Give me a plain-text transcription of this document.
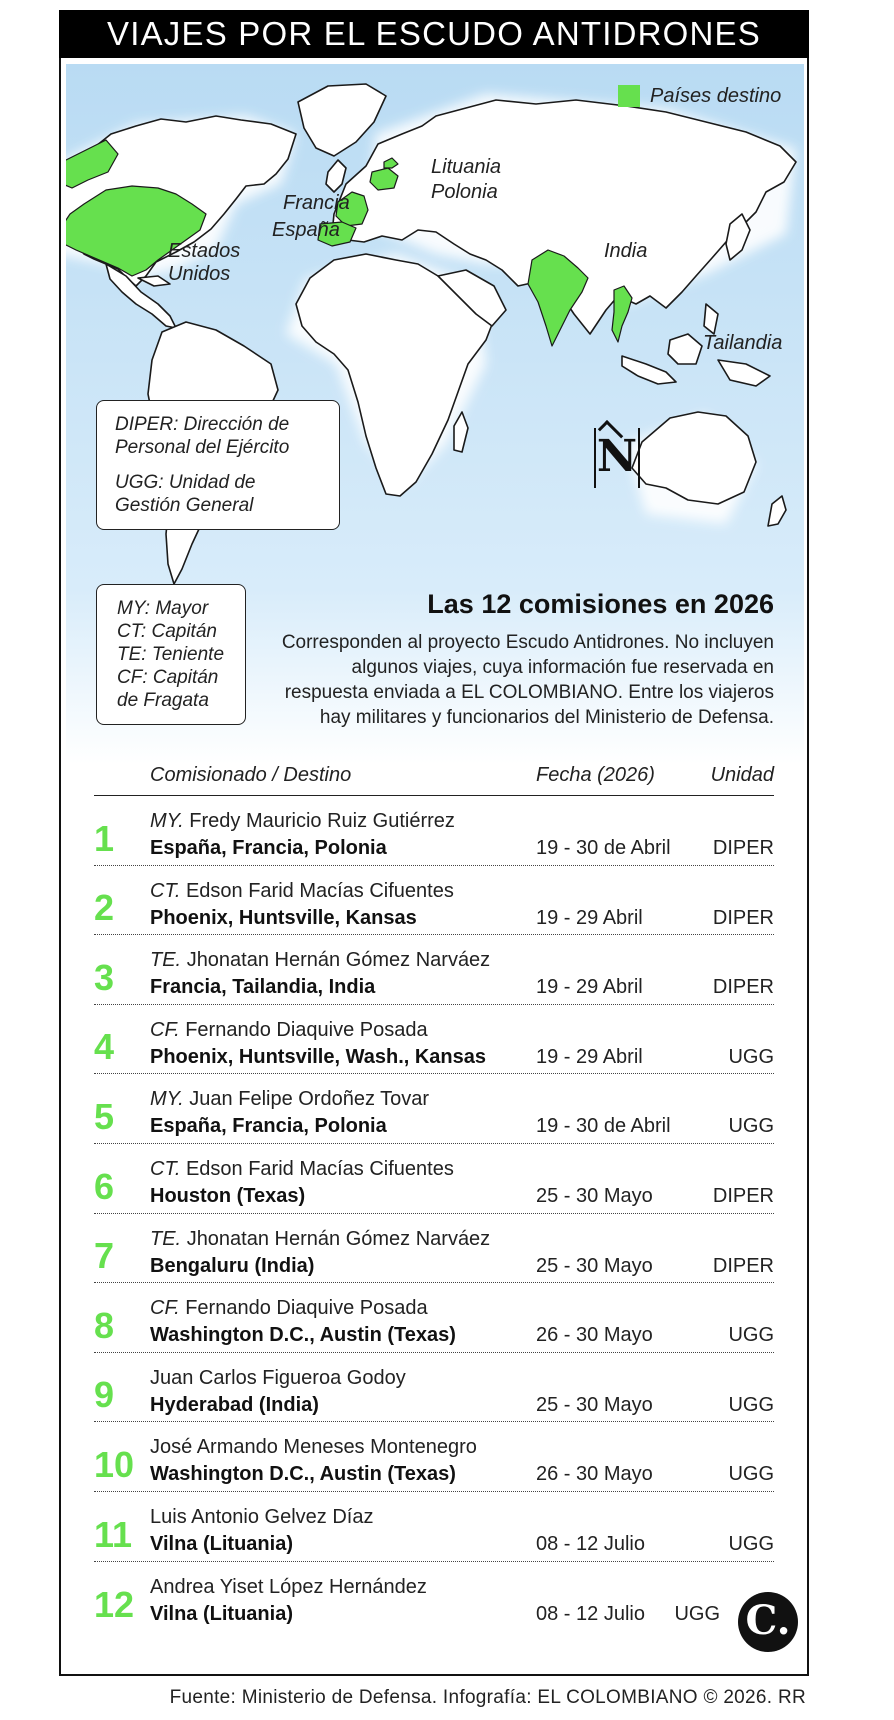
VIAJES POR EL ESCUDO ANTIDRONES
Países destino
Estados Unidos
Francia
España
Lituania
Polonia
India
Tailandia
N

DIPER: Dirección de Personal del Ejército

UGG: Unidad de Gestión General

MY: Mayor
CT: Capitán
TE: Teniente
CF: Capitán de Fragata
Las 12 comisiones en 2026
Corresponden al proyecto Escudo Antidrones. No incluyen algunos viajes, cuya información fue reservada en respuesta enviada a EL COLOMBIANO. Entre los viajeros hay militares y funcionarios del Ministerio de Defensa.
Comisionado / Destino	Fecha (2026)	Unidad
1 MY. Fredy Mauricio Ruiz Gutiérrez
España, Francia, Polonia	19 - 30 de Abril DIPER
2 CT. Edson Farid Macías Cifuentes
Phoenix, Huntsville, Kansas	19 - 29 Abril	DIPER
3 TE. Jhonatan Hernán Gómez Narváez
Francia, Tailandia, India	19 - 29 Abril	DIPER
4 CF. Fernando Diaquive Posada
Phoenix, Huntsville, Wash., Kansas 19 - 29 Abril	UGG
5 MY. Juan Felipe Ordoñez Tovar
España, Francia, Polonia	19 - 30 de Abril	UGG
6 CT. Edson Farid Macías Cifuentes
Houston (Texas)	25 - 30 Mayo	DIPER
7 TE. Jhonatan Hernán Gómez Narváez
Bengaluru (India)	25 - 30 Mayo	DIPER
8 CF. Fernando Diaquive Posada
Washington D.C., Austin (Texas)	26 - 30 Mayo	UGG
9 Juan Carlos Figueroa Godoy
Hyderabad (India)	25 - 30 Mayo	UGG
10 José Armando Meneses Montenegro
Washington D.C., Austin (Texas)	26 - 30 Mayo	UGG
11 Luis Antonio Gelvez Díaz
Vilna (Lituania)	08 - 12 Julio	UGG
12 Andrea Yiset López Hernández
Vilna (Lituania)	08 - 12 Julio UGG C.
Fuente: Ministerio de Defensa. Infografía: EL COLOMBIANO © 2026. RR
